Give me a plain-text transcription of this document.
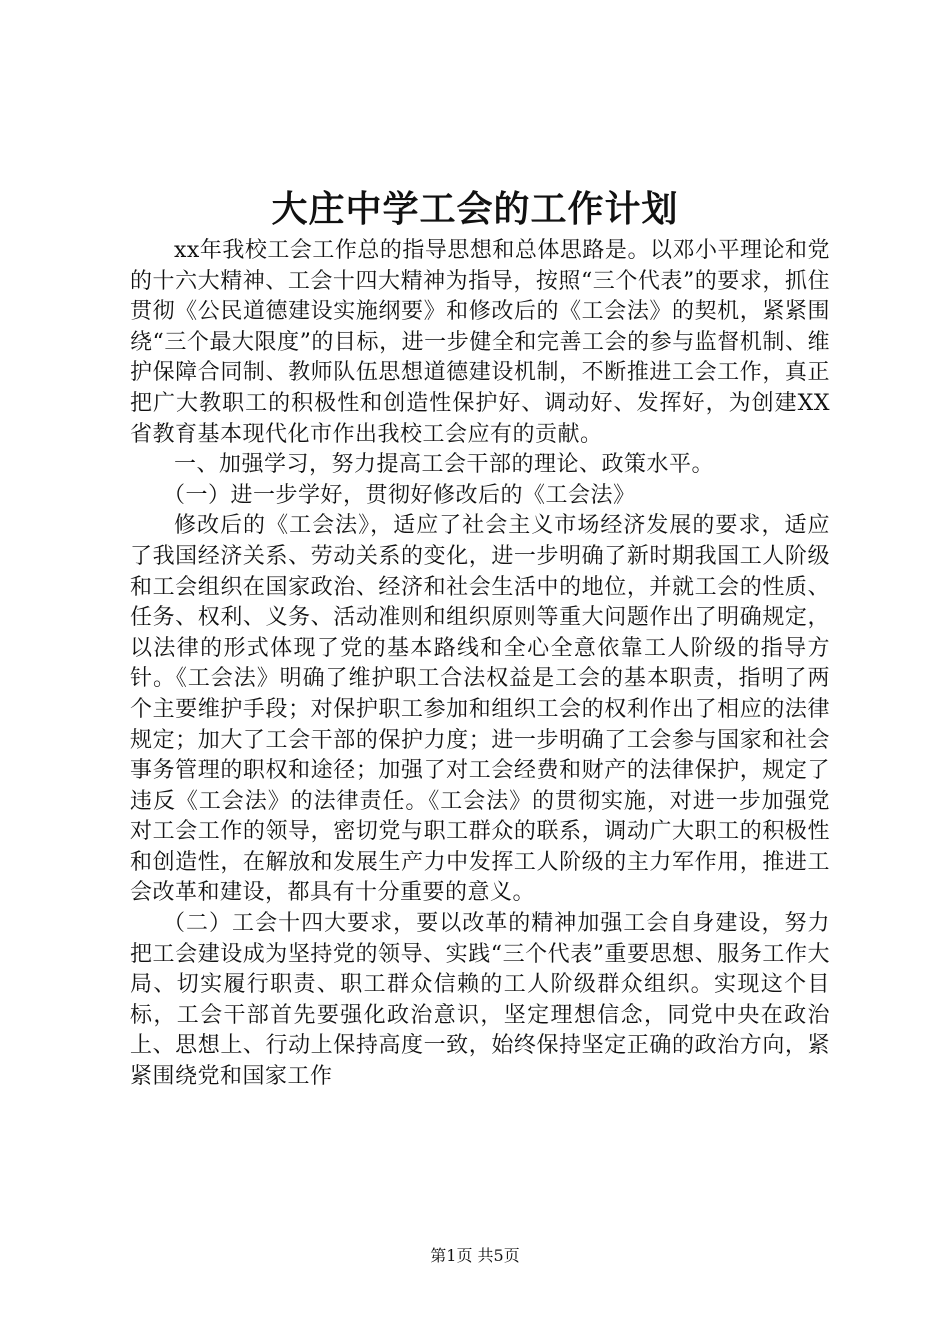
大庄中学工会的工作计划

xx年我校工会工作总的指导思想和总体思路是。以邓小平理论和党的十六大精神、工会十四大精神为指导，按照“三个代表”的要求，抓住贯彻《公民道德建设实施纲要》和修改后的《工会法》的契机，紧紧围绕“三个最大限度”的目标，进一步健全和完善工会的参与监督机制、维护保障合同制、教师队伍思想道德建设机制，不断推进工会工作，真正把广大教职工的积极性和创造性保护好、调动好、发挥好，为创建XX省教育基本现代化市作出我校工会应有的贡献。

一、加强学习，努力提高工会干部的理论、政策水平。

（一）进一步学好，贯彻好修改后的《工会法》

修改后的《工会法》，适应了社会主义市场经济发展的要求，适应了我国经济关系、劳动关系的变化，进一步明确了新时期我国工人阶级和工会组织在国家政治、经济和社会生活中的地位，并就工会的性质、任务、权利、义务、活动准则和组织原则等重大问题作出了明确规定，以法律的形式体现了党的基本路线和全心全意依靠工人阶级的指导方针。《工会法》明确了维护职工合法权益是工会的基本职责，指明了两个主要维护手段；对保护职工参加和组织工会的权利作出了相应的法律规定；加大了工会干部的保护力度；进一步明确了工会参与国家和社会事务管理的职权和途径；加强了对工会经费和财产的法律保护，规定了违反《工会法》的法律责任。《工会法》的贯彻实施，对进一步加强党对工会工作的领导，密切党与职工群众的联系，调动广大职工的积极性和创造性，在解放和发展生产力中发挥工人阶级的主力军作用，推进工会改革和建设，都具有十分重要的意义。

（二）工会十四大要求，要以改革的精神加强工会自身建设，努力把工会建设成为坚持党的领导、实践“三个代表”重要思想、服务工作大局、切实履行职责、职工群众信赖的工人阶级群众组织。实现这个目标，工会干部首先要强化政治意识，坚定理想信念，同党中央在政治上、思想上、行动上保持高度一致，始终保持坚定正确的政治方向，紧紧围绕党和国家工作

第1页 共5页
